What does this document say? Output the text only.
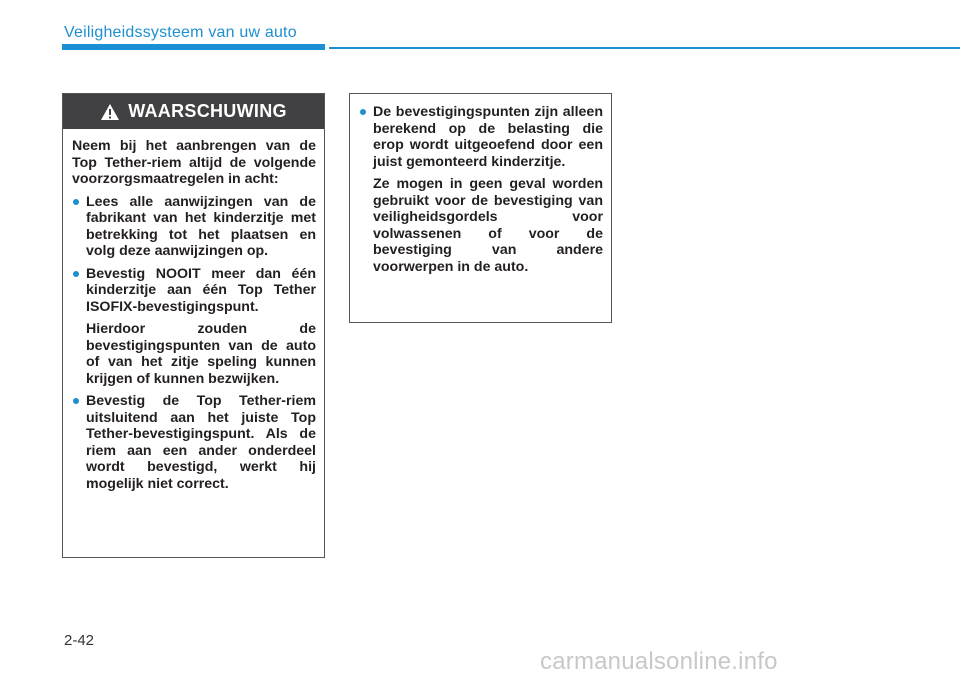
Veiligheidssysteem van uw auto
WAARSCHUWING

Neem bij het aanbrengen van de Top Tether-riem altijd de volgende voorzorgsmaatregelen in acht:

Lees alle aanwijzingen van de fabrikant van het kinderzitje met betrekking tot het plaatsen en volg deze aanwijzingen op.
Bevestig NOOIT meer dan één kinderzitje aan één Top Tether ISOFIX-bevestigingspunt.
Hierdoor zouden de bevestigingspunten van de auto of van het zitje speling kunnen krijgen of kunnen bezwijken.
Bevestig de Top Tether-riem uitsluitend aan het juiste Top Tether-bevestigingspunt. Als de riem aan een ander onderdeel wordt bevestigd, werkt hij mogelijk niet correct.
De bevestigingspunten zijn alleen berekend op de belasting die erop wordt uitgeoefend door een juist gemonteerd kinderzitje.
Ze mogen in geen geval worden gebruikt voor de bevestiging van veiligheidsgordels voor volwassenen of voor de bevestiging van andere voorwerpen in de auto.
2-42
carmanualsonline.info
